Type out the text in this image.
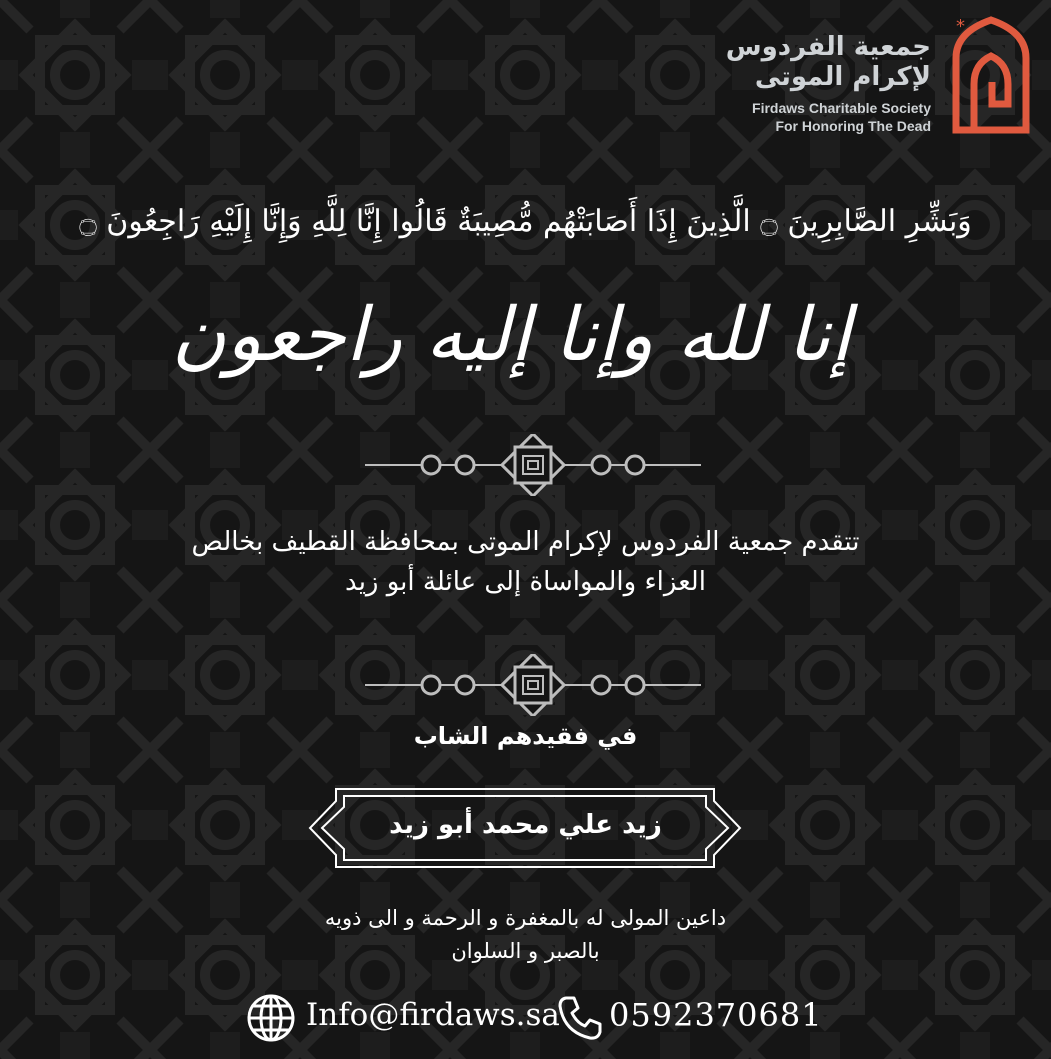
*
جمعية الفردوس
لإكرام الموتى
Firdaws Charitable Society
For Honoring The Dead
وَبَشِّرِ الصَّابِرِينَ ۝ الَّذِينَ إِذَا أَصَابَتْهُم مُّصِيبَةٌ قَالُوا إِنَّا لِلَّهِ وَإِنَّا إِلَيْهِ رَاجِعُونَ ۝
إنا لله وإنا إليه راجعون
تتقدم جمعية الفردوس لإكرام الموتى بمحافظة القطيف بخالص
العزاء والمواساة إلى عائلة أبو زيد
في فقيدهم الشاب
زيد علي محمد أبو زيد
داعين المولى له بالمغفرة و الرحمة و الى ذويه
بالصبر و السلوان
Info@firdaws.sa 0592370681
